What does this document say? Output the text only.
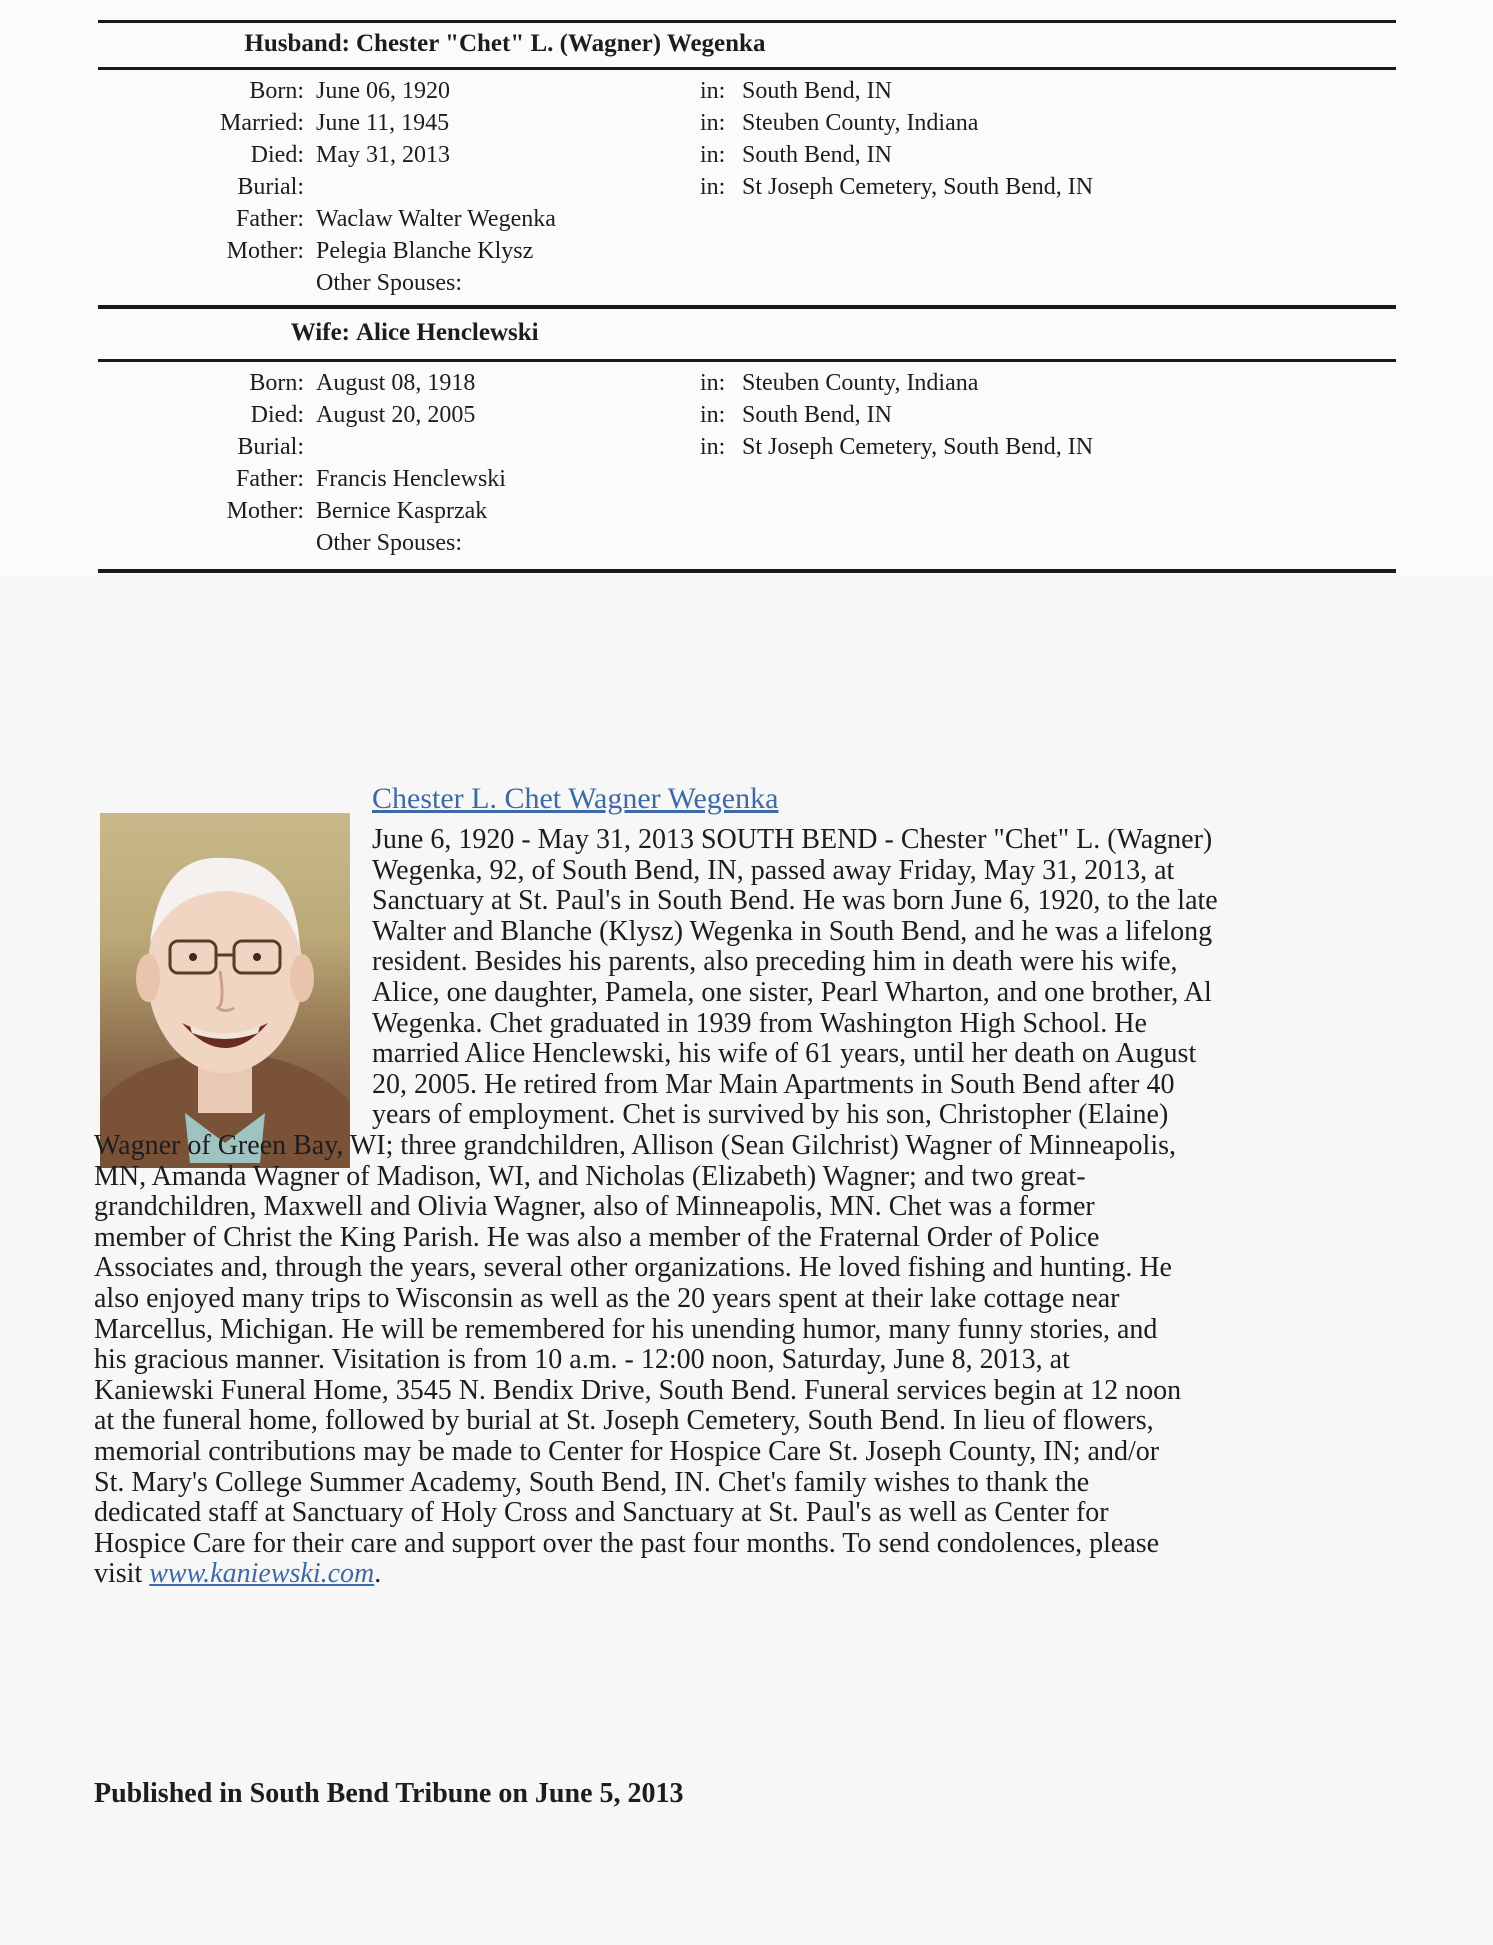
Husband: Chester "Chet" L. (Wagner) Wegenka
Born: June 06, 1920	in: South Bend, IN
Married: June 11, 1945	in: Steuben County, Indiana
Died: May 31, 2013	in: South Bend, IN
Burial:	in: St Joseph Cemetery, South Bend, IN
Father: Waclaw Walter Wegenka
Mother: Pelegia Blanche Klysz
Other Spouses:
Wife: Alice Henclewski
Born: August 08, 1918	in: Steuben County, Indiana
Died: August 20, 2005	in: South Bend, IN
Burial:	in: St Joseph Cemetery, South Bend, IN
Father: Francis Henclewski
Mother: Bernice Kasprzak
Other Spouses:
Chester L. Chet Wagner Wegenka
June 6, 1920 - May 31, 2013 SOUTH BEND - Chester "Chet" L. (Wagner)
Wegenka, 92, of South Bend, IN, passed away Friday, May 31, 2013, at
Sanctuary at St. Paul's in South Bend. He was born June 6, 1920, to the late
Walter and Blanche (Klysz) Wegenka in South Bend, and he was a lifelong
resident. Besides his parents, also preceding him in death were his wife,
Alice, one daughter, Pamela, one sister, Pearl Wharton, and one brother, Al
Wegenka. Chet graduated in 1939 from Washington High School. He
married Alice Henclewski, his wife of 61 years, until her death on August
20, 2005. He retired from Mar Main Apartments in South Bend after 40
years of employment. Chet is survived by his son, Christopher (Elaine)
Wagner of Green Bay, WI; three grandchildren, Allison (Sean Gilchrist) Wagner of Minneapolis,
MN, Amanda Wagner of Madison, WI, and Nicholas (Elizabeth) Wagner; and two great-
grandchildren, Maxwell and Olivia Wagner, also of Minneapolis, MN. Chet was a former
member of Christ the King Parish. He was also a member of the Fraternal Order of Police
Associates and, through the years, several other organizations. He loved fishing and hunting. He
also enjoyed many trips to Wisconsin as well as the 20 years spent at their lake cottage near
Marcellus, Michigan. He will be remembered for his unending humor, many funny stories, and
his gracious manner. Visitation is from 10 a.m. - 12:00 noon, Saturday, June 8, 2013, at
Kaniewski Funeral Home, 3545 N. Bendix Drive, South Bend. Funeral services begin at 12 noon
at the funeral home, followed by burial at St. Joseph Cemetery, South Bend. In lieu of flowers,
memorial contributions may be made to Center for Hospice Care St. Joseph County, IN; and/or
St. Mary's College Summer Academy, South Bend, IN. Chet's family wishes to thank the
dedicated staff at Sanctuary of Holy Cross and Sanctuary at St. Paul's as well as Center for
Hospice Care for their care and support over the past four months. To send condolences, please
visit www.kaniewski.com.
Published in South Bend Tribune on June 5, 2013
